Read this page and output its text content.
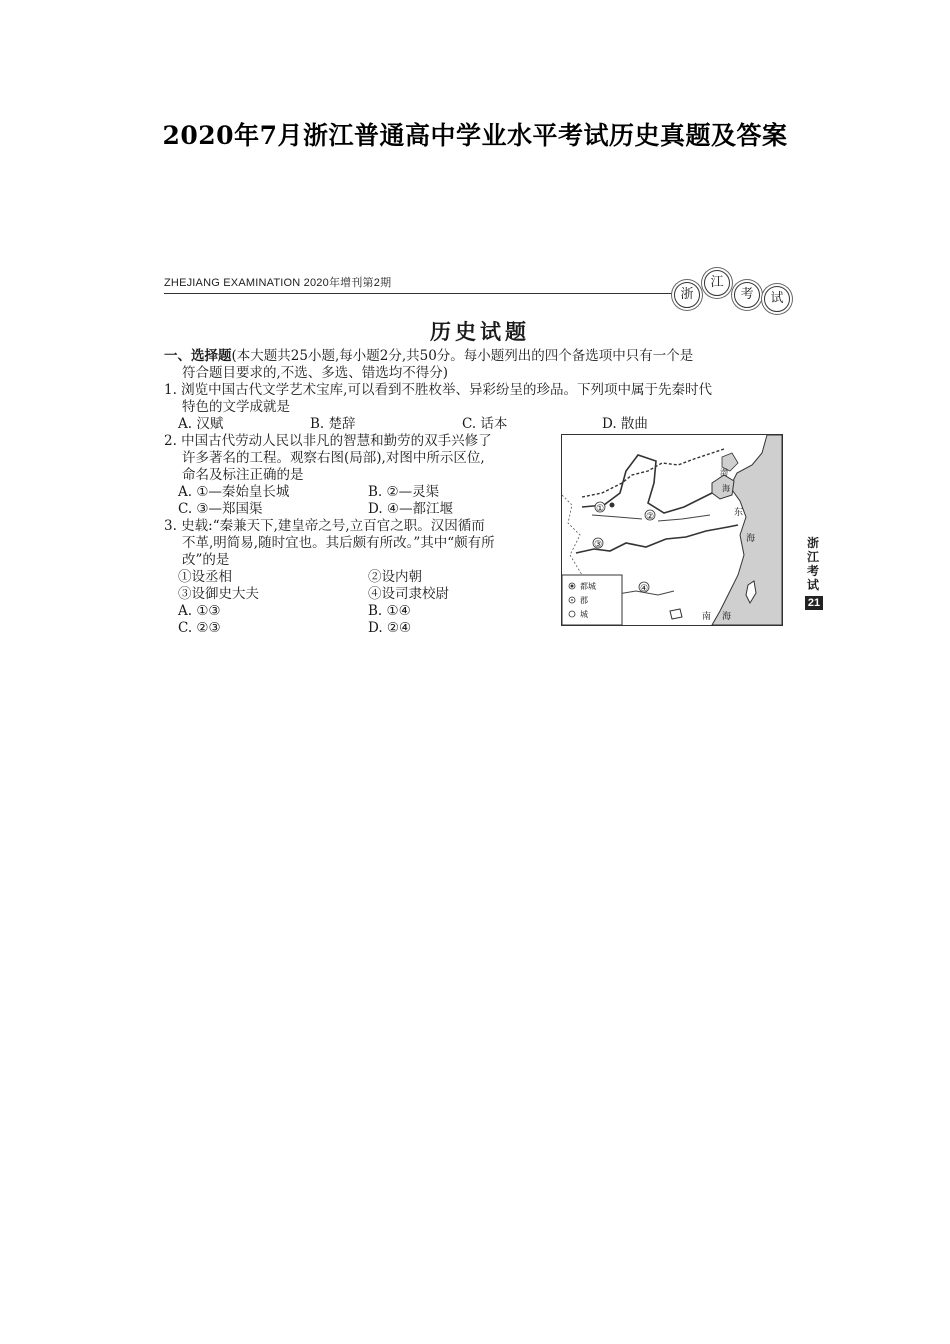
2020年7月浙江普通高中学业水平考试历史真题及答案
ZHEJIANG EXAMINATION 2020年增刊第2期
浙
江
考	试
历史试题
一、选择题(本大题共25小题,每小题2分,共50分。每小题列出的四个备选项中只有一个是
符合题目要求的,不选、多选、错选均不得分)
1. 浏览中国古代文学艺术宝库,可以看到不胜枚举、异彩纷呈的珍品。下列项中属于先秦时代
特色的文学成就是
A. 汉赋	B. 楚辞	C. 话本	D. 散曲
2. 中国古代劳动人民以非凡的智慧和勤劳的双手兴修了
许多著名的工程。观察右图(局部),对图中所示区位,
命名及标注正确的是
A. ①—秦始皇长城	B. ②—灵渠
C. ③—郑国渠	D. ④—都江堰
3. 史载:“秦兼天下,建皇帝之号,立百官之职。汉因循而
不革,明简易,随时宜也。其后颇有所改。”其中“颇有所
改”的是
①设丞相	②设内朝
③设御史大夫	④设司隶校尉
A. ①③	B. ①④
C. ②③	D. ②④
①
②
③
④
渤
海
东
海
南 海
都城
郡
城
浙
江
考
试
21
